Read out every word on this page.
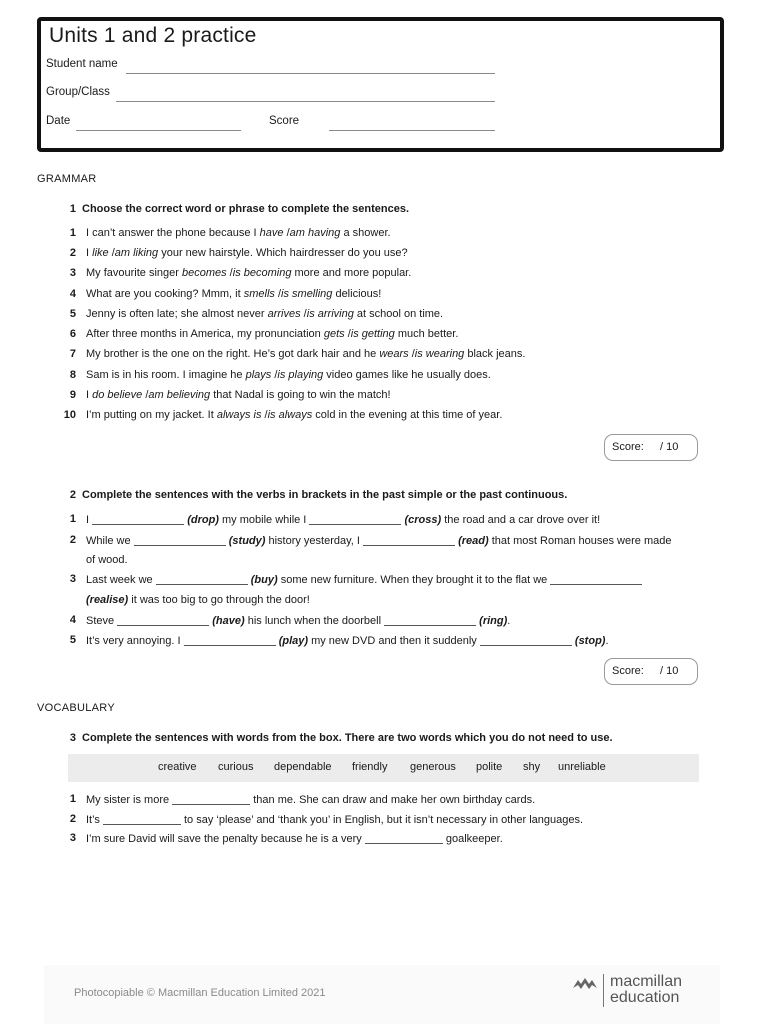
Units 1 and 2 practice
Student name
Group/Class
Date	Score
GRAMMAR
1 Choose the correct word or phrase to complete the sentences.
1 I can’t answer the phone because I have /am having a shower.
2 I like /am liking your new hairstyle. Which hairdresser do you use?
3 My favourite singer becomes /is becoming more and more popular.
4 What are you cooking? Mmm, it smells /is smelling delicious!
5 Jenny is often late; she almost never arrives /is arriving at school on time.
6 After three months in America, my pronunciation gets /is getting much better.
7 My brother is the one on the right. He’s got dark hair and he wears /is wearing black jeans.
8 Sam is in his room. I imagine he plays /is playing video games like he usually does.
9 I do believe /am believing that Nadal is going to win the match!
10 I’m putting on my jacket. It always is /is always cold in the evening at this time of year.
Score: / 10
2 Complete the sentences with the verbs in brackets in the past simple or the past continuous.
1 I	(drop) my mobile while I	(cross) the road and a car drove over it!
2 While we	(study) history yesterday, I	(read) that most Roman houses were made
of wood.
3 Last week we	(buy) some new furniture. When they brought it to the flat we
(realise) it was too big to go through the door!
4 Steve	(have) his lunch when the doorbell	(ring).
5 It’s very annoying. I	(play) my new DVD and then it suddenly	(stop).
Score: / 10
VOCABULARY
3 Complete the sentences with words from the box. There are two words which you do not need to use.
creative curious dependable friendly generous polite shy unreliable
1 My sister is more	than me. She can draw and make her own birthday cards.
2 It’s	to say ‘please’ and ‘thank you’ in English, but it isn’t necessary in other languages.
3 I’m sure David will save the penalty because he is a very	goalkeeper.
Photocopiable © Macmillan Education Limited 2021
macmillan
education
